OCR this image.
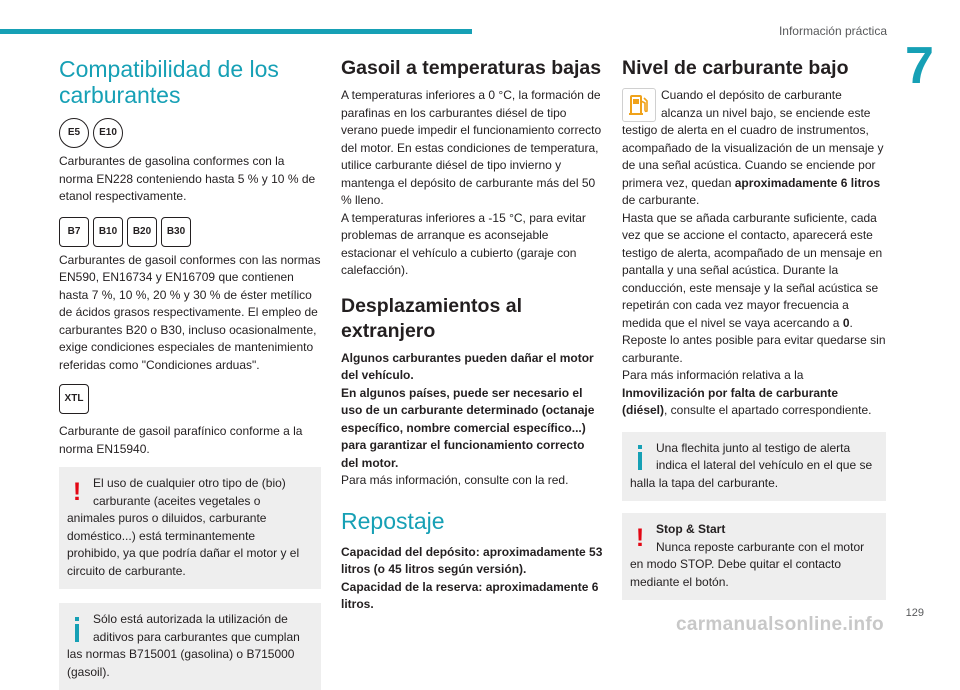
Información práctica
7
Compatibilidad de los carburantes
E5	E10

Carburantes de gasolina conformes con la norma EN228 conteniendo hasta 5 % y 10 % de etanol respectivamente.

B7	B10	B20	B30

Carburantes de gasoil conformes con las normas EN590, EN16734 y EN16709 que contienen hasta 7 %, 10 %, 20 % y 30 % de éster metílico de ácidos grasos respectivamente. El empleo de carburantes B20 o B30, incluso ocasionalmente, exige condiciones especiales de mantenimiento referidas como "Condiciones arduas".

XTL

Carburante de gasoil parafínico conforme a la norma EN15940.

! El uso de cualquier otro tipo de (bio) carburante (aceites vegetales o animales puros o diluidos, carburante doméstico...) está terminantemente prohibido, ya que podría dañar el motor y el circuito de carburante.
Sólo está autorizada la utilización de aditivos para carburantes que cumplan las normas B715001 (gasolina) o B715000 (gasoil).
Gasoil a temperaturas bajas

A temperaturas inferiores a 0 °C, la formación de parafinas en los carburantes diésel de tipo verano puede impedir el funcionamiento correcto del motor. En estas condiciones de temperatura, utilice carburante diésel de tipo invierno y mantenga el depósito de carburante más del 50 % lleno.

A temperaturas inferiores a -15 °C, para evitar problemas de arranque es aconsejable estacionar el vehículo a cubierto (garaje con calefacción).

Desplazamientos al extranjero

Algunos carburantes pueden dañar el motor del vehículo.

En algunos países, puede ser necesario el uso de un carburante determinado (octanaje específico, nombre comercial específico...) para garantizar el funcionamiento correcto del motor.

Para más información, consulte con la red.

Repostaje

Capacidad del depósito: aproximadamente 53 litros (o 45 litros según versión).

Capacidad de la reserva: aproximadamente 6 litros.

Nivel de carburante bajo

Cuando el depósito de carburante alcanza un nivel bajo, se enciende este testigo de alerta en el cuadro de instrumentos, acompañado de la visualización de un mensaje y de una señal acústica. Cuando se enciende por primera vez, quedan aproximadamente 6 litros de carburante.

Hasta que se añada carburante suficiente, cada vez que se accione el contacto, aparecerá este testigo de alerta, acompañado de un mensaje en pantalla y una señal acústica. Durante la conducción, este mensaje y la señal acústica se repetirán con cada vez mayor frecuencia a medida que el nivel se vaya acercando a 0.

Reposte lo antes posible para evitar quedarse sin carburante.

Para más información relativa a la Inmovilización por falta de carburante (diésel), consulte el apartado correspondiente.

Una flechita junto al testigo de alerta indica el lateral del vehículo en el que se halla la tapa del carburante.
! Stop & Start
Nunca reposte carburante con el motor en modo STOP. Debe quitar el contacto mediante el botón.
129
carmanualsonline.info
